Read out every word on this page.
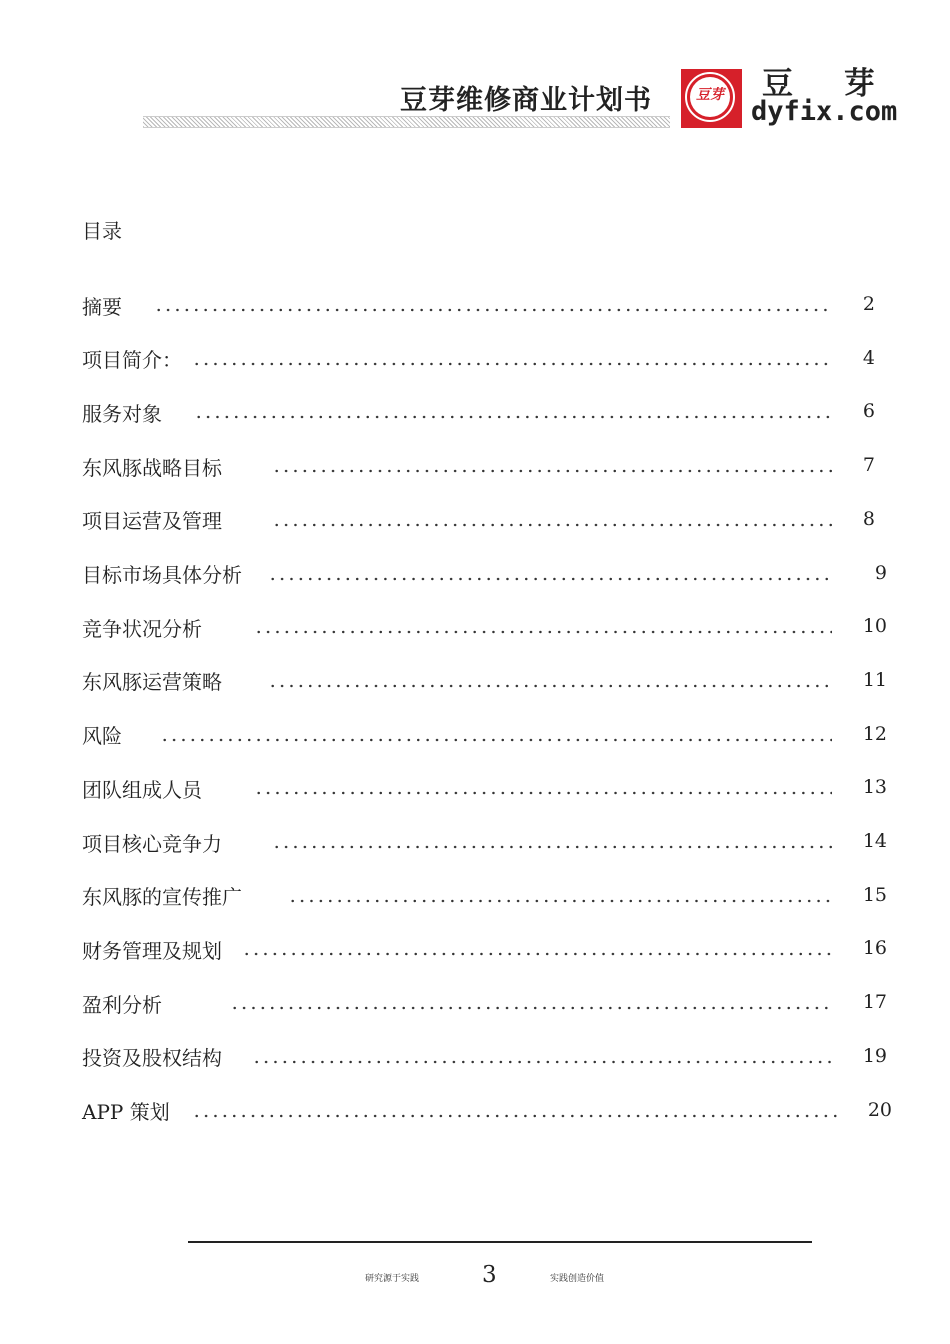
豆芽维修商业计划书	豆芽 豆 芽
dyfix.com
目录
摘要	2
项目简介：	4
服务对象	6
东风豚战略目标	7
项目运营及管理	8
目标市场具体分析	9
竞争状况分析	10
东风豚运营策略	11
风险	12
团队组成人员	13
项目核心竞争力	14
东风豚的宣传推广	15
财务管理及规划	16
盈利分析	17
投资及股权结构	19
APP 策划	20
研究源于实践	3	实践创造价值
